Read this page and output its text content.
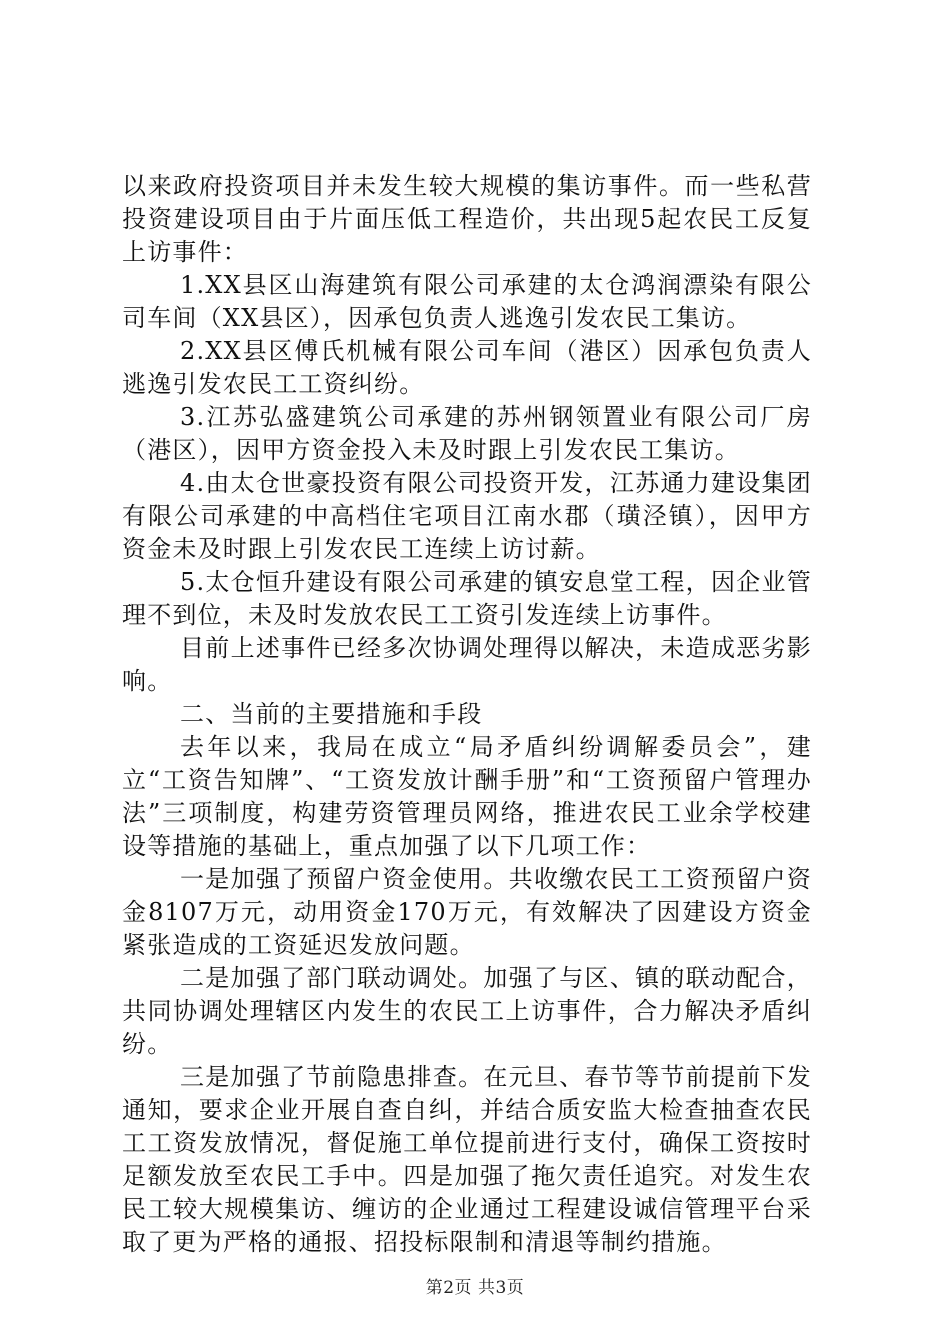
以来政府投资项目并未发生较大规模的集访事件。而一些私营投资建设项目由于片面压低工程造价，共出现5起农民工反复上访事件：

1.XX县区山海建筑有限公司承建的太仓鸿润漂染有限公司车间（XX县区），因承包负责人逃逸引发农民工集访。

2.XX县区傅氏机械有限公司车间（港区）因承包负责人逃逸引发农民工工资纠纷。

3.江苏弘盛建筑公司承建的苏州钢领置业有限公司厂房（港区），因甲方资金投入未及时跟上引发农民工集访。

4.由太仓世豪投资有限公司投资开发，江苏通力建设集团有限公司承建的中高档住宅项目江南水郡（璜泾镇），因甲方资金未及时跟上引发农民工连续上访讨薪。

5.太仓恒升建设有限公司承建的镇安息堂工程，因企业管理不到位，未及时发放农民工工资引发连续上访事件。

目前上述事件已经多次协调处理得以解决，未造成恶劣影响。

二、当前的主要措施和手段

去年以来，我局在成立“局矛盾纠纷调解委员会”，建立“工资告知牌”、“工资发放计酬手册”和“工资预留户管理办法”三项制度，构建劳资管理员网络，推进农民工业余学校建设等措施的基础上，重点加强了以下几项工作：

一是加强了预留户资金使用。共收缴农民工工资预留户资金8107万元，动用资金170万元，有效解决了因建设方资金紧张造成的工资延迟发放问题。

二是加强了部门联动调处。加强了与区、镇的联动配合，共同协调处理辖区内发生的农民工上访事件，合力解决矛盾纠纷。

三是加强了节前隐患排查。在元旦、春节等节前提前下发通知，要求企业开展自查自纠，并结合质安监大检查抽查农民工工资发放情况，督促施工单位提前进行支付，确保工资按时足额发放至农民工手中。四是加强了拖欠责任追究。对发生农民工较大规模集访、缠访的企业通过工程建设诚信管理平台采取了更为严格的通报、招投标限制和清退等制约措施。

第2页 共3页
